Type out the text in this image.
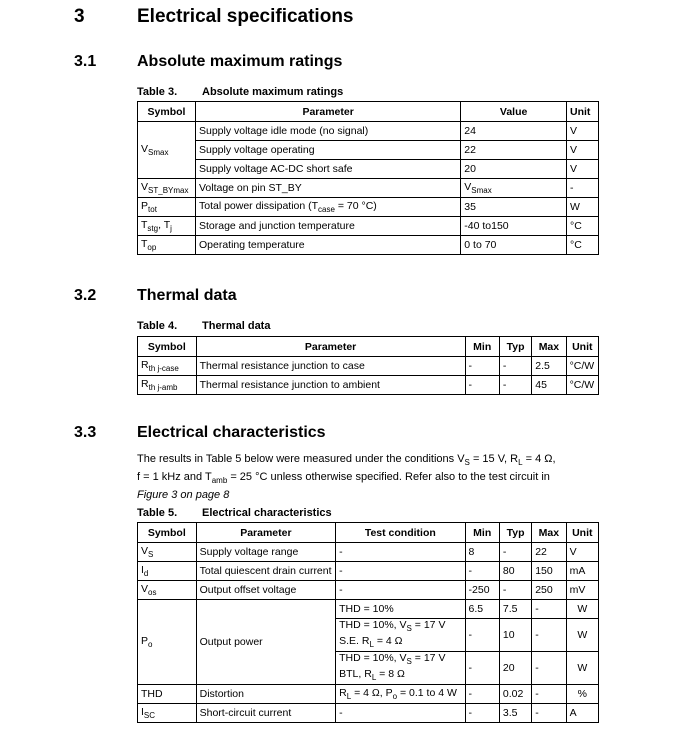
3	Electrical specifications
3.1	Absolute maximum ratings
Table 3. Absolute maximum ratings
Symbol	Parameter	Value	Unit
$V_{Smax}$	Supply voltage idle mode (no signal)	24	V
	Supply voltage operating	22	V
	Supply voltage AC-DC short safe	20	V
$V_{ST\_BYmax}$	Voltage on pin ST_BY	$V_{Smax}$	-
$P_{tot}$	Total power dissipation ($T_{case} = 70$ °C)	35	W
$T_{stg}$, $T_j$	Storage and junction temperature	-40 to150	°C
$T_{op}$	Operating temperature	0 to 70	°C
3.2	Thermal data
Table 4. Thermal data
Symbol	Parameter	Min	Typ	Max	Unit
$R_{th j-case}$	Thermal resistance junction to case	-	-	2.5	°C/W
$R_{th j-amb}$	Thermal resistance junction to ambient	-	-	45	°C/W
3.3	Electrical characteristics
The results in Table 5 below were measured under the conditions $V_S = 15$ V, $R_L = 4$ Ω,
f = 1 kHz and $T_{amb} = 25$ °C unless otherwise specified. Refer also to the test circuit in
Figure 3 on page 8
Table 5. Electrical characteristics
Symbol	Parameter	Test condition	Min	Typ	Max	Unit
$V_S$	Supply voltage range	-	8	-	22	V
$I_d$	Total quiescent drain current	-	-	80	150	mA
$V_{os}$	Output offset voltage	-	-250	-	250	mV
$P_o$	Output power	THD = 10%	6.5	7.5	-	W
		THD = 10%, $V_S = 17$ V
S.E. $R_L = 4$ Ω	-	10	-	W
		THD = 10%, $V_S = 17$ V
BTL, $R_L = 8$ Ω	-	20	-	W
THD	Distortion	$R_L = 4$ Ω, $P_o = 0.1$ to 4 W	-	0.02	-	%
$I_{SC}$	Short-circuit current	-	-	3.5	-	A
